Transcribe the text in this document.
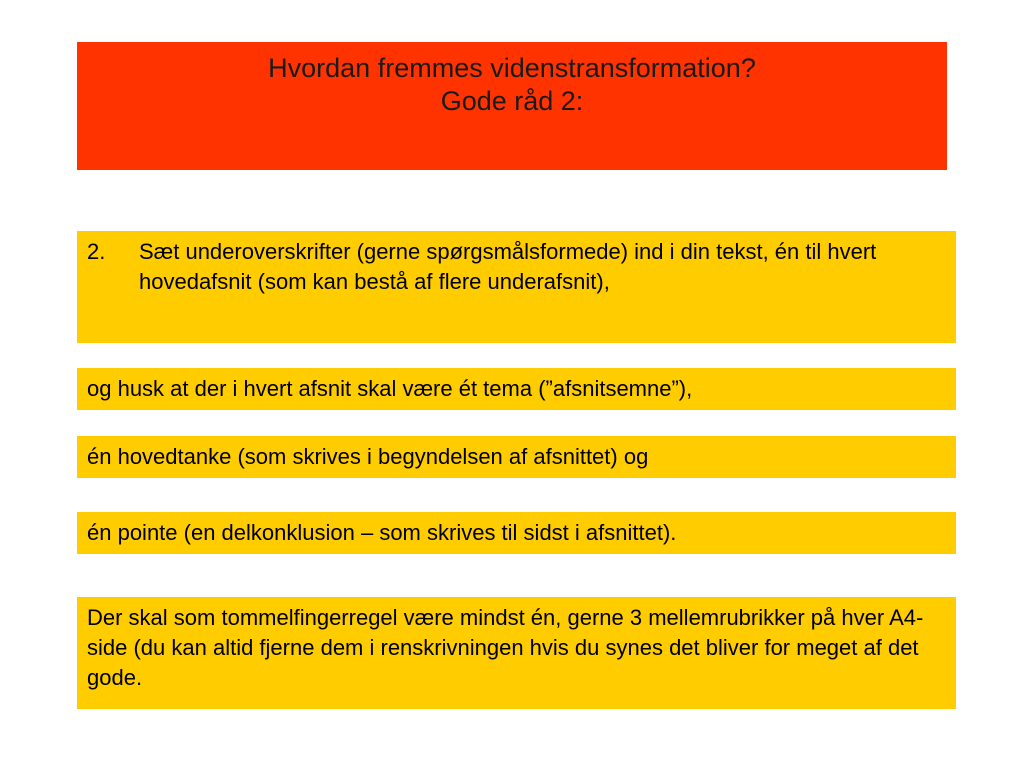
Hvordan fremmes videnstransformation?
Gode råd 2:
2.	Sæt underoverskrifter (gerne spørgsmålsformede) ind i din tekst, én til hvert hovedafsnit (som kan bestå af flere underafsnit),
og husk at der i hvert afsnit skal være ét tema (”afsnitsemne”),
én hovedtanke (som skrives i begyndelsen af afsnittet) og
én pointe (en delkonklusion – som skrives til sidst i afsnittet).
Der skal som tommelfingerregel være mindst én, gerne 3 mellemrubrikker på hver A4-side (du kan altid fjerne dem i renskrivningen hvis du synes det bliver for meget af det gode.
